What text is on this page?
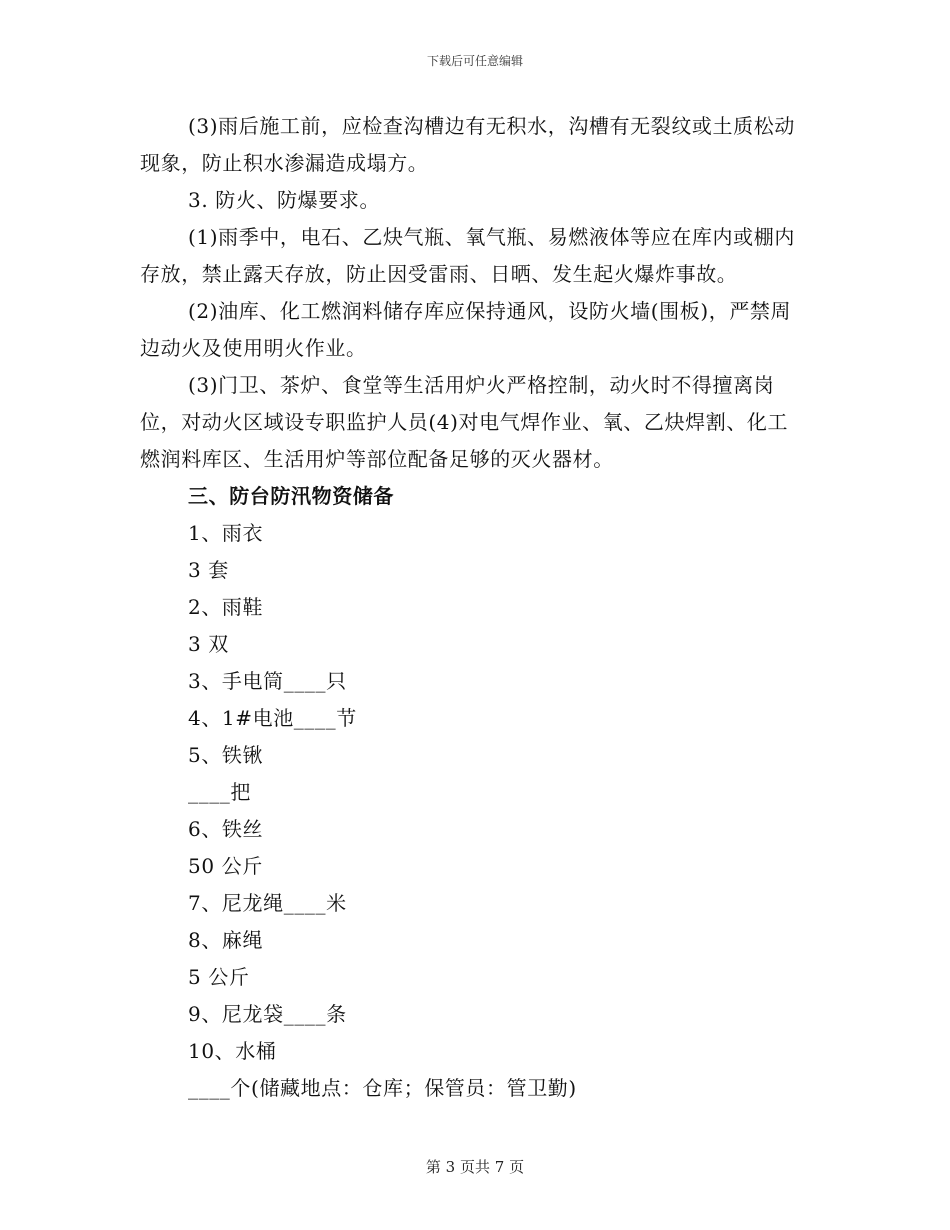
下载后可任意编辑

(3)雨后施工前，应检查沟槽边有无积水，沟槽有无裂纹或土质松动现象，防止积水渗漏造成塌方。

3. 防火、防爆要求。

(1)雨季中，电石、乙炔气瓶、氧气瓶、易燃液体等应在库内或棚内存放，禁止露天存放，防止因受雷雨、日晒、发生起火爆炸事故。

(2)油库、化工燃润料储存库应保持通风，设防火墙(围板)，严禁周边动火及使用明火作业。

(3)门卫、茶炉、食堂等生活用炉火严格控制，动火时不得擅离岗位，对动火区域设专职监护人员(4)对电气焊作业、氧、乙炔焊割、化工燃润料库区、生活用炉等部位配备足够的灭火器材。

三、防台防汛物资储备

1、雨衣

3 套

2、雨鞋

3 双

3、手电筒____只

4、1#电池____节

5、铁锹

____把

6、铁丝

50 公斤

7、尼龙绳____米

8、麻绳

5 公斤

9、尼龙袋____条

10、水桶

____个(储藏地点：仓库；保管员：管卫勤)

第 3 页共 7 页
